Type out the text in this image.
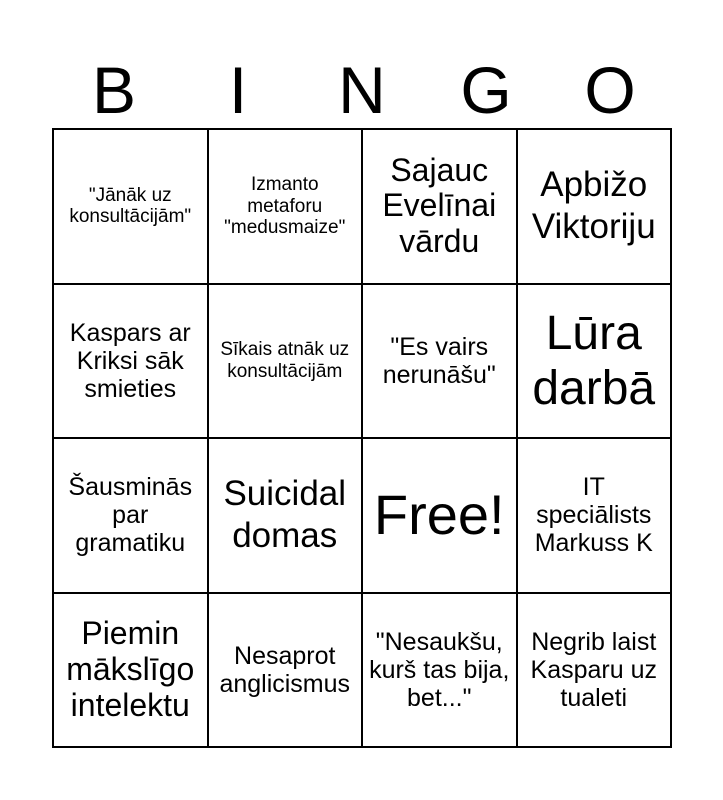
B	I	N	G	O
"Jānāk uz konsultācijām"
Izmanto metaforu "medusmaize"
Sajauc Evelīnai vārdu
Apbižo Viktoriju
Kaspars ar Kriksi sāk smieties
Sīkais atnāk uz konsultācijām
"Es vairs nerunāšu"
Lūra darbā
Šausminās par gramatiku
Suicidal domas Free!	IT speciālists Markuss K
Piemin mākslīgo intelektu
Nesaprot anglicismus
"Nesaukšu, kurš tas bija, bet..."
Negrib laist Kasparu uz tualeti
